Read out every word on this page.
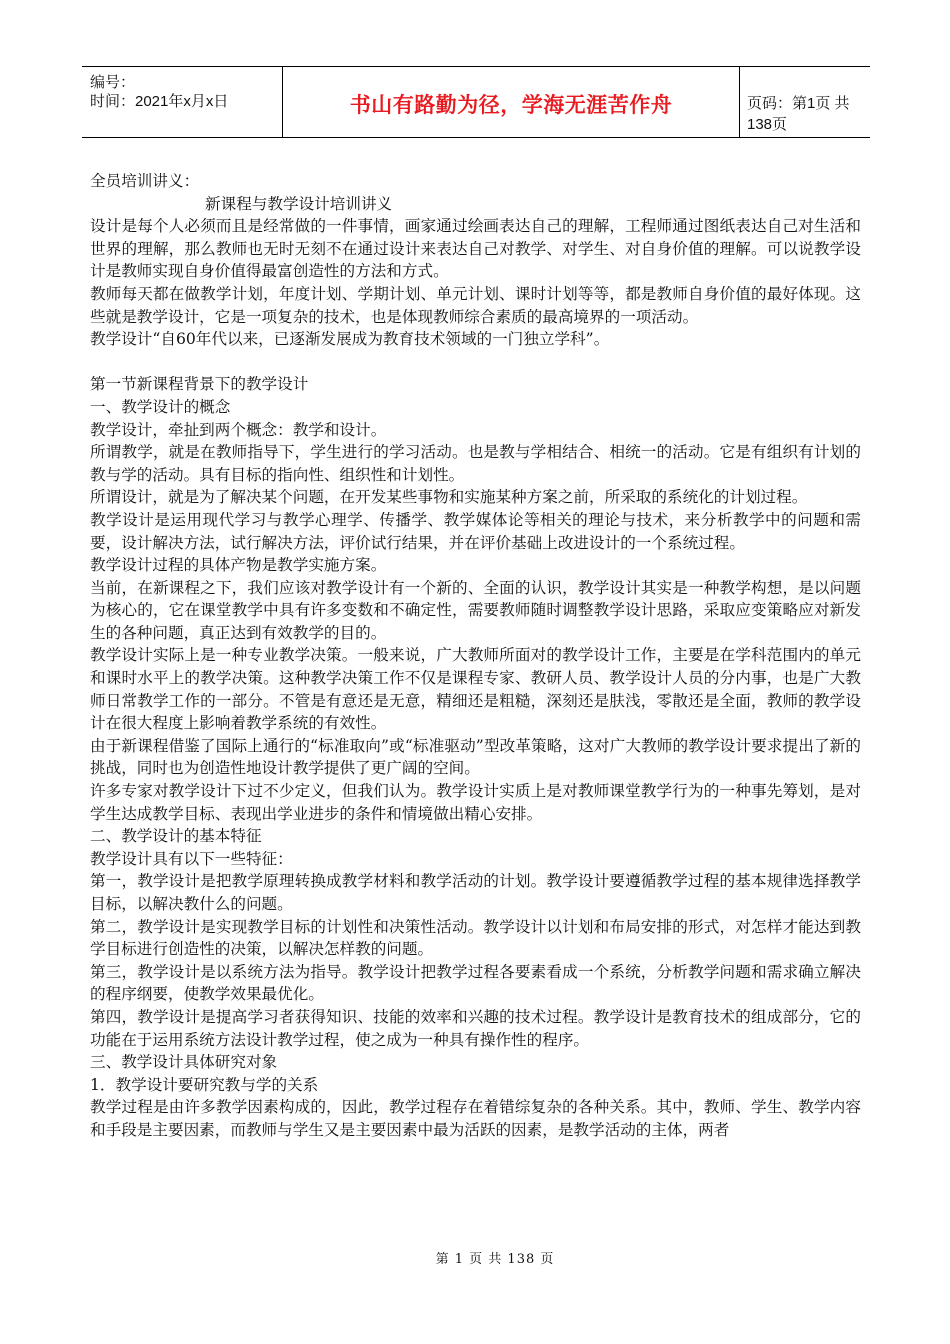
编号：
时间：2021年x月x日	书山有路勤为径，学海无涯苦作舟	页码：第1页 共138页

全员培训讲义：

新课程与教学设计培训讲义

设计是每个人必须而且是经常做的一件事情，画家通过绘画表达自己的理解，工程师通过图纸表达自己对生活和世界的理解，那么教师也无时无刻不在通过设计来表达自己对教学、对学生、对自身价值的理解。可以说教学设计是教师实现自身价值得最富创造性的方法和方式。

教师每天都在做教学计划，年度计划、学期计划、单元计划、课时计划等等，都是教师自身价值的最好体现。这些就是教学设计，它是一项复杂的技术，也是体现教师综合素质的最高境界的一项活动。

教学设计“自60年代以来，已逐渐发展成为教育技术领域的一门独立学科”。

第一节新课程背景下的教学设计

一、教学设计的概念

教学设计，牵扯到两个概念：教学和设计。

所谓教学，就是在教师指导下，学生进行的学习活动。也是教与学相结合、相统一的活动。它是有组织有计划的教与学的活动。具有目标的指向性、组织性和计划性。

所谓设计，就是为了解决某个问题，在开发某些事物和实施某种方案之前，所采取的系统化的计划过程。

教学设计是运用现代学习与教学心理学、传播学、教学媒体论等相关的理论与技术，来分析教学中的问题和需要，设计解决方法，试行解决方法，评价试行结果，并在评价基础上改进设计的一个系统过程。

教学设计过程的具体产物是教学实施方案。

当前，在新课程之下，我们应该对教学设计有一个新的、全面的认识，教学设计其实是一种教学构想，是以问题为核心的，它在课堂教学中具有许多变数和不确定性，需要教师随时调整教学设计思路，采取应变策略应对新发生的各种问题，真正达到有效教学的目的。

教学设计实际上是一种专业教学决策。一般来说，广大教师所面对的教学设计工作，主要是在学科范围内的单元和课时水平上的教学决策。这种教学决策工作不仅是课程专家、教研人员、教学设计人员的分内事，也是广大教师日常教学工作的一部分。不管是有意还是无意，精细还是粗糙，深刻还是肤浅，零散还是全面，教师的教学设计在很大程度上影响着教学系统的有效性。

由于新课程借鉴了国际上通行的“标准取向”或“标准驱动”型改革策略，这对广大教师的教学设计要求提出了新的挑战，同时也为创造性地设计教学提供了更广阔的空间。

许多专家对教学设计下过不少定义，但我们认为。教学设计实质上是对教师课堂教学行为的一种事先筹划，是对学生达成教学目标、表现出学业进步的条件和情境做出精心安排。

二、教学设计的基本特征

教学设计具有以下一些特征：

第一，教学设计是把教学原理转换成教学材料和教学活动的计划。教学设计要遵循教学过程的基本规律选择教学目标，以解决教什么的问题。

第二，教学设计是实现教学目标的计划性和决策性活动。教学设计以计划和布局安排的形式，对怎样才能达到教学目标进行创造性的决策，以解决怎样教的问题。

第三，教学设计是以系统方法为指导。教学设计把教学过程各要素看成一个系统，分析教学问题和需求确立解决的程序纲要，使教学效果最优化。

第四，教学设计是提高学习者获得知识、技能的效率和兴趣的技术过程。教学设计是教育技术的组成部分，它的功能在于运用系统方法设计教学过程，使之成为一种具有操作性的程序。

三、教学设计具体研究对象

1．教学设计要研究教与学的关系

教学过程是由许多教学因素构成的，因此，教学过程存在着错综复杂的各种关系。其中，教师、学生、教学内容和手段是主要因素，而教师与学生又是主要因素中最为活跃的因素，是教学活动的主体，两者

第 1 页 共 138 页
